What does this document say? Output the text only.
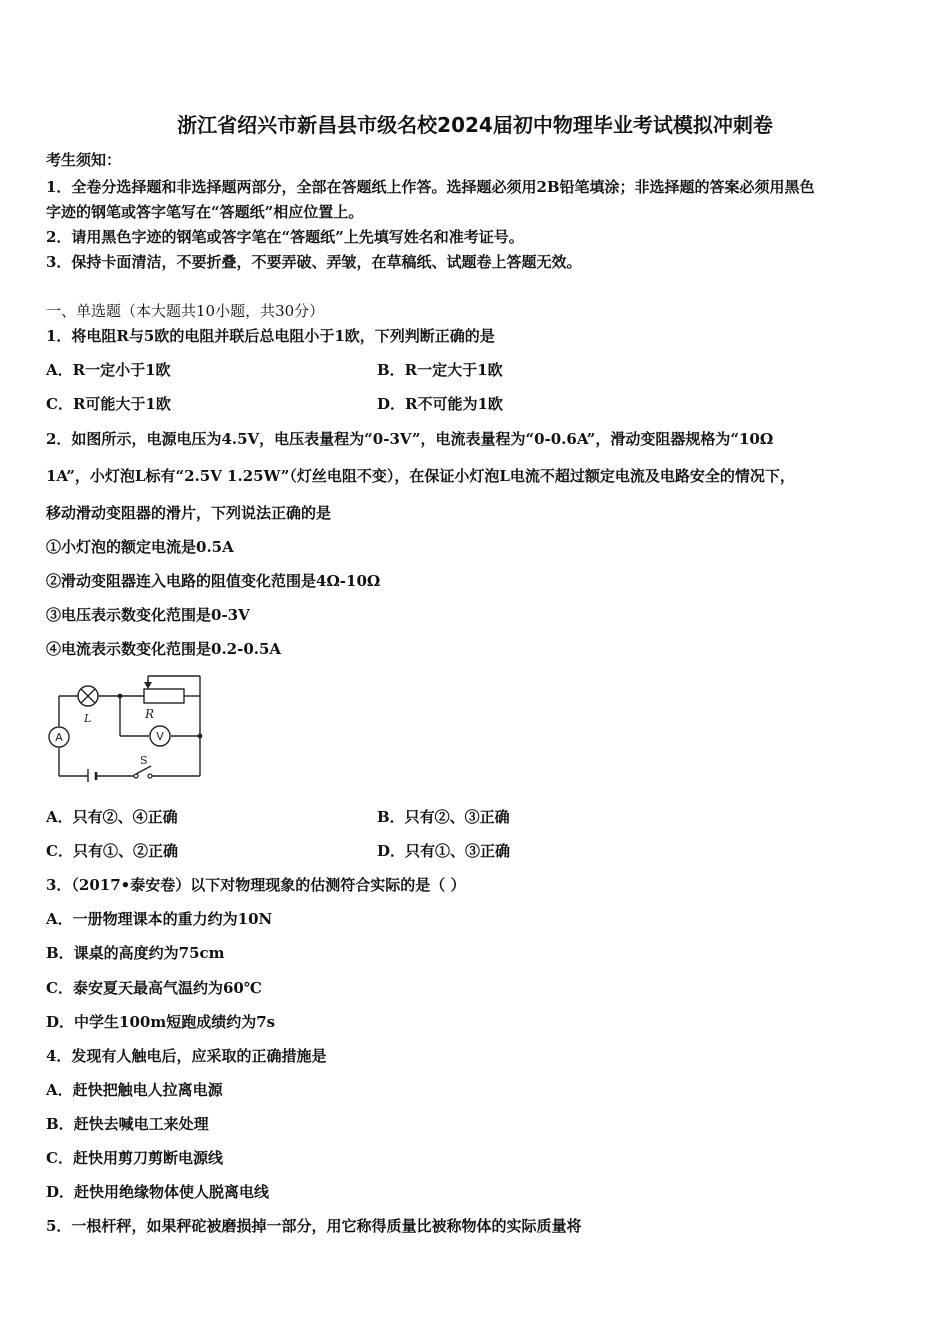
浙江省绍兴市新昌县市级名校2024届初中物理毕业考试模拟冲刺卷
考生须知：
1．全卷分选择题和非选择题两部分，全部在答题纸上作答。选择题必须用2B铅笔填涂；非选择题的答案必须用黑色
字迹的钢笔或答字笔写在“答题纸”相应位置上。
2．请用黑色字迹的钢笔或答字笔在“答题纸”上先填写姓名和准考证号。
3．保持卡面清洁，不要折叠，不要弄破、弄皱，在草稿纸、试题卷上答题无效。
一、单选题（本大题共10小题，共30分）
1．将电阻R与5欧的电阻并联后总电阻小于1欧，下列判断正确的是
A．R一定小于1欧	B．R一定大于1欧
C．R可能大于1欧	D．R不可能为1欧
2．如图所示，电源电压为4.5V，电压表量程为“0-3V”，电流表量程为“0-0.6A”，滑动变阻器规格为“10Ω
1A”，小灯泡L标有“2.5V 1.25W”（灯丝电阻不变），在保证小灯泡L电流不超过额定电流及电路安全的情况下，
移动滑动变阻器的滑片，下列说法正确的是
①小灯泡的额定电流是0.5A
②滑动变阻器连入电路的阻值变化范围是4Ω-10Ω
③电压表示数变化范围是0-3V
④电流表示数变化范围是0.2-0.5A
L	R
V
A
S
A．只有②、④正确	B．只有②、③正确
C．只有①、②正确	D．只有①、③正确
3．（2017•泰安卷）以下对物理现象的估测符合实际的是（ ）
A．一册物理课本的重力约为10N
B．课桌的高度约为75cm
C．泰安夏天最高气温约为60℃
D．中学生100m短跑成绩约为7s
4．发现有人触电后，应采取的正确措施是
A．赶快把触电人拉离电源
B．赶快去喊电工来处理
C．赶快用剪刀剪断电源线
D．赶快用绝缘物体使人脱离电线
5．一根杆秤，如果秤砣被磨损掉一部分，用它称得质量比被称物体的实际质量将
